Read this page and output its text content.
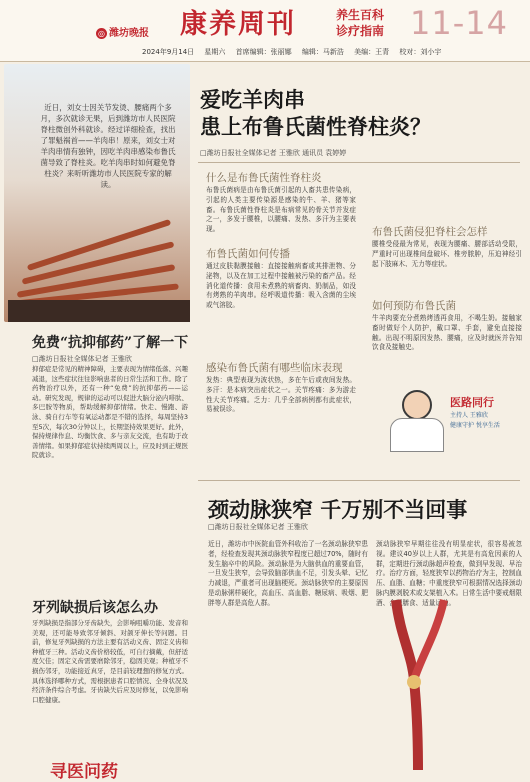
◎ 潍坊晚报 康养周刊	养生百科
诊疗指南 11-14
2024年9月14日 星期六 首席编辑：张丽娜 编辑：马新浩 美编：王青 校对：刘小宇
近日，刘女士因关节发烫、腰痛两个多月，多次就诊无果，后到潍坊市人民医院脊柱微创外科就诊。经过详细检查，找出了罪魁祸首——羊肉串！原来，刘女士对羊肉串情有独钟，因吃羊肉串感染布鲁氏菌导致了脊柱炎。吃羊肉串时如何避免脊柱炎？来听听潍坊市人民医院专家的解读。
免费“抗抑郁药”了解一下
□潍坊日报社全媒体记者 王雅欣
抑郁症是常见的精神障碍，主要表现为情绪低落、兴趣减退，这些症状往往影响患者的日常生活和工作。除了药物治疗以外，还有一种“免费”的抗抑郁药——运动。研究发现，规律的运动可以促进大脑分泌内啡肽、多巴胺等物质，帮助缓解抑郁情绪。快走、慢跑、游泳、骑自行车等有氧运动都是不错的选择，每周坚持3至5次，每次30分钟以上，长期坚持效果更好。此外，保持规律作息、均衡饮食、多与亲友交流，也有助于改善情绪。如果抑郁症状持续两周以上，应及时到正规医院就诊。
牙列缺损后该怎么办
牙列缺损是指部分牙齿缺失，会影响咀嚼功能、发音和美观，还可能导致邻牙倾斜、对颌牙伸长等问题。目前，修复牙列缺损的方法主要有活动义齿、固定义齿和种植牙三种。活动义齿价格较低，可自行摘戴，但舒适度欠佳；固定义齿需要磨除邻牙，稳固美观；种植牙不损伤邻牙，功能接近真牙，是目前较理想的修复方式。具体选择哪种方式，需根据患者口腔情况、全身状况及经济条件综合考虑。牙齿缺失后应及时修复，以免影响口腔健康。
寻医问药
爱吃羊肉串
患上布鲁氏菌性脊柱炎？
□潍坊日报社全媒体记者 王雅欣 通讯员 袁婷婷
什么是布鲁氏菌性脊柱炎
布鲁氏菌病是由布鲁氏菌引起的人畜共患传染病，引起的人类主要传染源是感染的牛、羊、猪等家畜。布鲁氏菌性脊柱炎是布病常见的骨关节并发症之一，多发于腰椎，以腰痛、发热、多汗为主要表现。
布鲁氏菌如何传播
通过皮肤黏膜接触：直接接触病畜或其排泄物、分泌物，以及在加工过程中接触被污染的畜产品。经消化道传播：食用未煮熟的病畜肉、奶制品，如没有烤熟的羊肉串。经呼吸道传播：吸入含菌的尘埃或气溶胶。
感染布鲁氏菌有哪些临床表现
发热：典型表现为波状热，多在午后或夜间发热。多汗：是本病突出症状之一。关节疼痛：多为游走性大关节疼痛。乏力：几乎全部病例都有此症状，易被误诊。
布鲁氏菌侵犯脊柱会怎样
腰椎受侵最为常见，表现为腰痛、腰部活动受限，严重时可出现椎间盘破坏、椎旁脓肿，压迫神经引起下肢麻木、无力等症状。
如何预防布鲁氏菌
牛羊肉要充分煮熟烤透再食用，不喝生奶。接触家畜时做好个人防护，戴口罩、手套，避免直接接触。出现不明原因发热、腰痛，应及时就医并告知饮食及接触史。
医路同行
主持人 王雅欣
健康守护 悦享生活
颈动脉狭窄 千万别不当回事
□潍坊日报社全媒体记者 王雅欣
近日，潍坊市中医院血管外科收治了一名颈动脉狭窄患者，经检查发现其颈动脉狭窄程度已超过70%，随时有发生脑卒中的风险。颈动脉是为大脑供血的重要血管，一旦发生狭窄，会导致脑部供血不足，引发头晕、记忆力减退，严重者可出现脑梗死。颈动脉狭窄的主要原因是动脉粥样硬化，高血压、高血脂、糖尿病、吸烟、肥胖等人群是高危人群。
颈动脉狭窄早期往往没有明显症状，很容易被忽视。建议40岁以上人群，尤其是有高危因素的人群，定期进行颈动脉超声检查，做到早发现、早治疗。治疗方面，轻度狭窄以药物治疗为主，控制血压、血脂、血糖；中重度狭窄可根据情况选择颈动脉内膜剥脱术或支架植入术。日常生活中要戒烟限酒、合理膳食、适量运动。
